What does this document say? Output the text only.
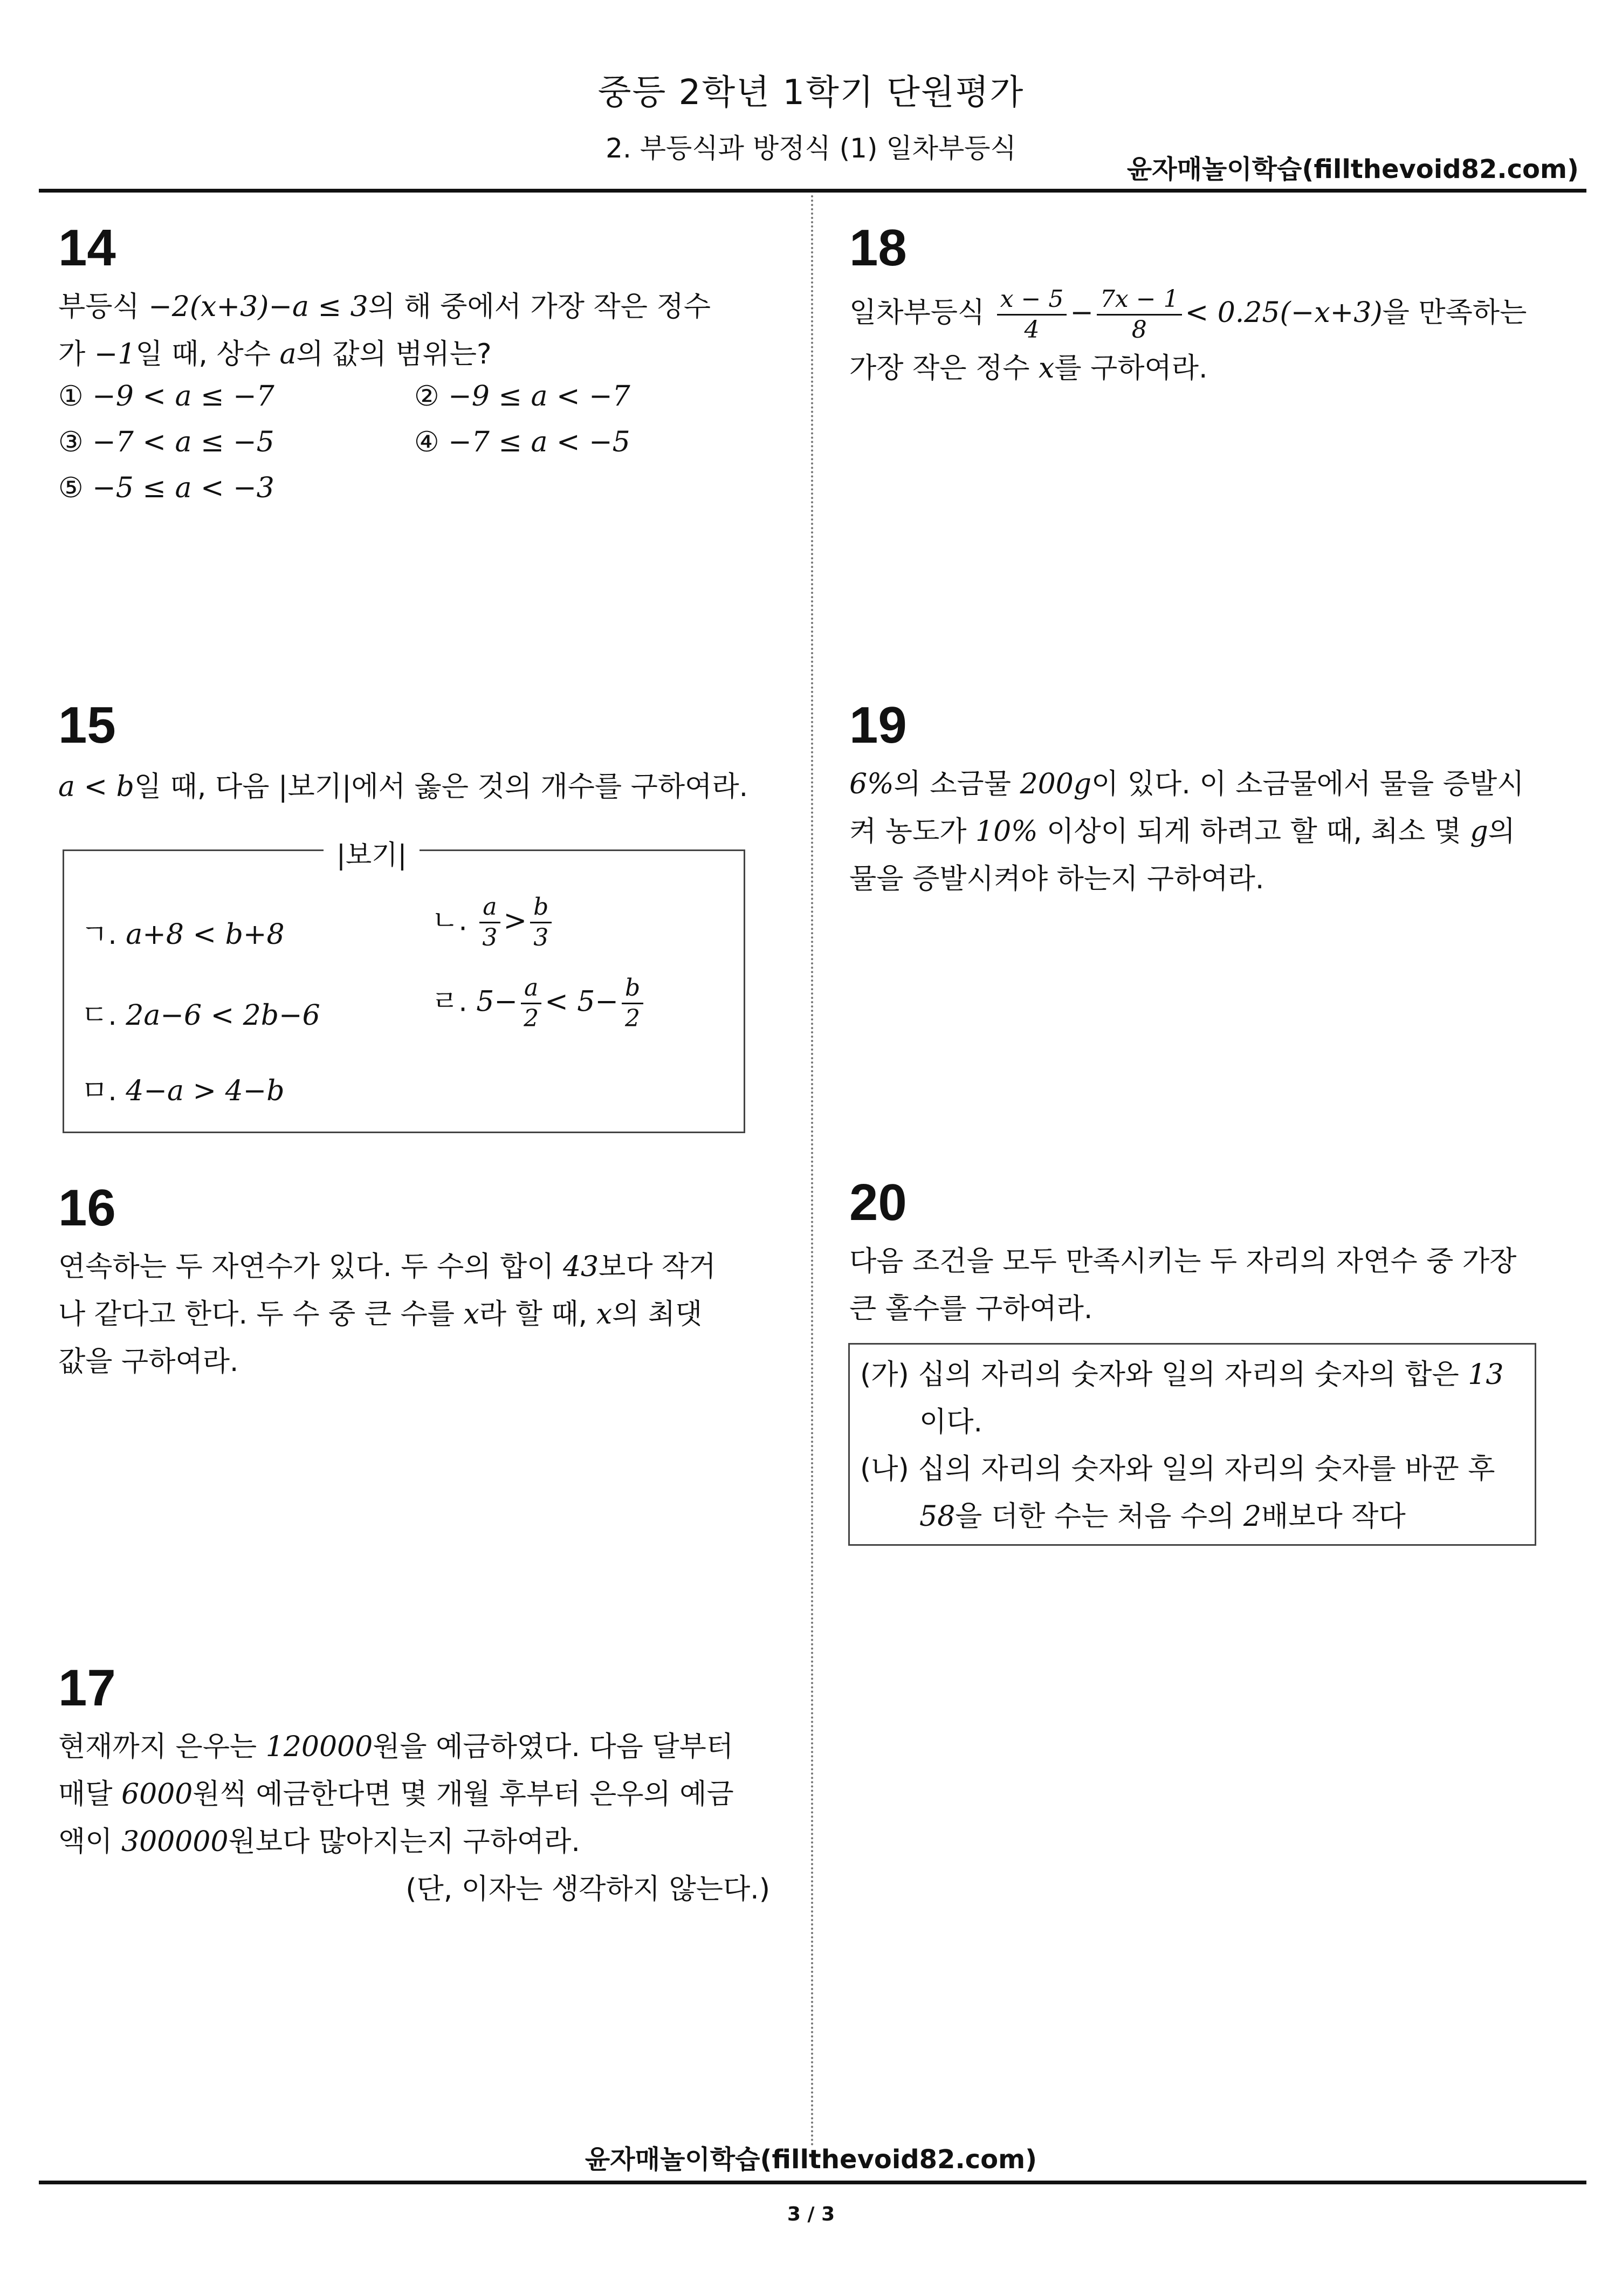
중등 2학년 1학기 단원평가
2. 부등식과 방정식 (1) 일차부등식
윤자매놀이학습(fillthevoid82.com)
14
부등식 −2(x+3)−a ≤ 3의 해 중에서 가장 작은 정수
가 −1일 때, 상수 a의 값의 범위는?
① −9 < a ≤ −7	② −9 ≤ a < −7
③ −7 < a ≤ −5	④ −7 ≤ a < −5
⑤ −5 ≤ a < −3
15
a < b일 때, 다음 |보기|에서 옳은 것의 개수를 구하여라.
|보기|
ㄱ. a+8 < b+8	ㄴ. $\frac{a}{3} > \frac{b}{3}$
ㄷ. 2a−6 < 2b−6	ㄹ. $5- \frac{a}{2} < 5- \frac{b}{2}$
ㅁ. 4−a > 4−b
16
연속하는 두 자연수가 있다. 두 수의 합이 43보다 작거
나 같다고 한다. 두 수 중 큰 수를 x라 할 때, x의 최댓
값을 구하여라.
17
현재까지 은우는 120000원을 예금하였다. 다음 달부터
매달 6000원씩 예금한다면 몇 개월 후부터 은우의 예금
액이 300000원보다 많아지는지 구하여라.
(단, 이자는 생각하지 않는다.)
18
일차부등식 $\frac{x - 5}{4} - \frac{7x - 1}{8} < 0.25(-x+3)$을 만족하는
가장 작은 정수 x를 구하여라.
19
6%의 소금물 200g이 있다. 이 소금물에서 물을 증발시
켜 농도가 10% 이상이 되게 하려고 할 때, 최소 몇 g의
물을 증발시켜야 하는지 구하여라.
20
다음 조건을 모두 만족시키는 두 자리의 자연수 중 가장
큰 홀수를 구하여라.
(가) 십의 자리의 숫자와 일의 자리의 숫자의 합은 13
이다.
(나) 십의 자리의 숫자와 일의 자리의 숫자를 바꾼 후
58을 더한 수는 처음 수의 2배보다 작다
윤자매놀이학습(fillthevoid82.com)
3 / 3
